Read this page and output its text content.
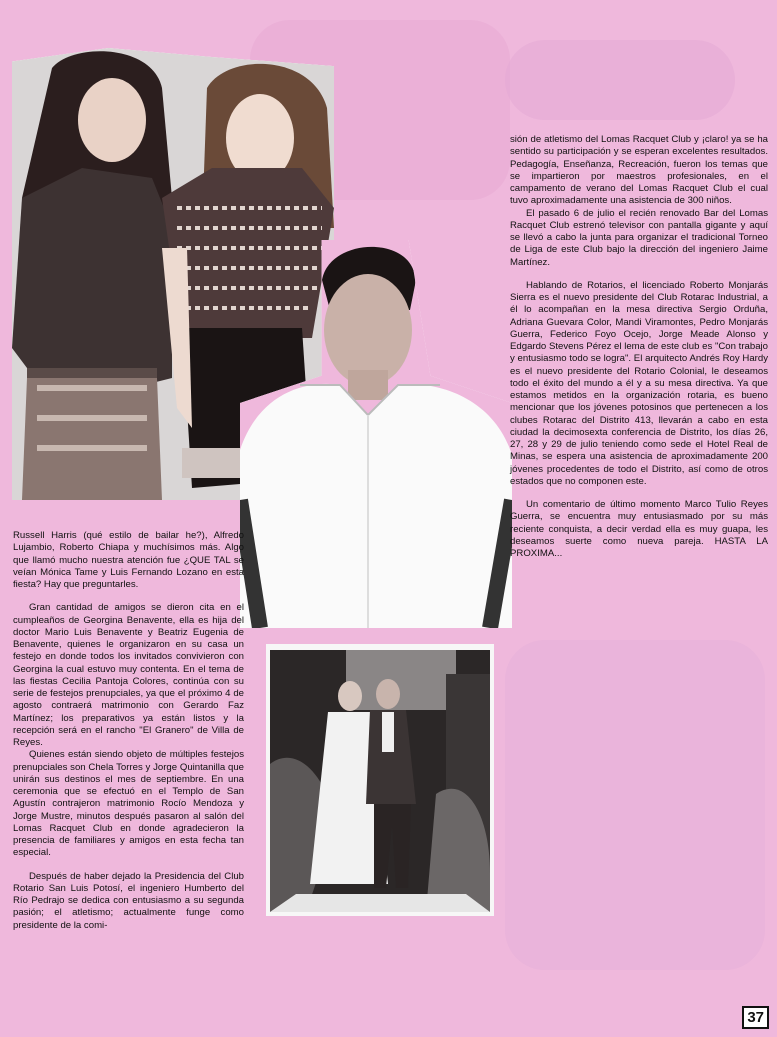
Russell Harris (qué estilo de bailar he?), Alfredo Lujambio, Roberto Chiapa y muchísimos más. Algo que llamó mucho nuestra atención fue ¿QUE TAL se veían Mónica Tame y Luis Fernando Lozano en esta fiesta? Hay que preguntarles.

Gran cantidad de amigos se dieron cita en el cumpleaños de Georgina Benavente, ella es hija del doctor Mario Luis Benavente y Beatriz Eugenia de Benavente, quienes le organizaron en su casa un festejo en donde todos los invitados convivieron con Georgina la cual estuvo muy contenta. En el tema de las fiestas Cecilia Pantoja Colores, continúa con su serie de festejos prenupciales, ya que el próximo 4 de agosto contraerá matrimonio con Gerardo Faz Martínez; los preparativos ya están listos y la recepción será en el rancho "El Granero" de Villa de Reyes.

Quienes están siendo objeto de múltiples festejos prenupciales son Chela Torres y Jorge Quintanilla que unirán sus destinos el mes de septiembre. En una ceremonia que se efectuó en el Templo de San Agustín contrajeron matrimonio Rocío Mendoza y Jorge Mustre, minutos después pasaron al salón del Lomas Racquet Club en donde agradecieron la presencia de familiares y amigos en esta fecha tan especial.

Después de haber dejado la Presidencia del Club Rotario San Luis Potosí, el ingeniero Humberto del Río Pedrajo se dedica con entusiasmo a su segunda pasión; el atletismo; actualmente funge como presidente de la comi-

sión de atletismo del Lomas Racquet Club y ¡claro! ya se ha sentido su participación y se esperan excelentes resultados. Pedagogía, Enseñanza, Recreación, fueron los temas que se impartieron por maestros profesionales, en el campamento de verano del Lomas Racquet Club el cual tuvo aproximadamente una asistencia de 300 niños.

El pasado 6 de julio el recién renovado Bar del Lomas Racquet Club estrenó televisor con pantalla gigante y aquí se llevó a cabo la junta para organizar el tradicional Torneo de Liga de este Club bajo la dirección del ingeniero Jaime Martínez.

Hablando de Rotarios, el licenciado Roberto Monjarás Sierra es el nuevo presidente del Club Rotarac Industrial, a él lo acompañan en la mesa directiva Sergio Orduña, Adriana Guevara Color, Mandi Viramontes, Pedro Monjarás Guerra, Federico Foyo Ocejo, Jorge Meade Alonso y Edgardo Stevens Pérez el lema de este club es "Con trabajo y entusiasmo todo se logra". El arquitecto Andrés Roy Hardy es el nuevo presidente del Rotario Colonial, le deseamos todo el éxito del mundo a él y a su mesa directiva. Ya que estamos metidos en la organización rotaria, es bueno mencionar que los jóvenes potosinos que pertenecen a los clubes Rotarac del Distrito 413, llevarán a cabo en esta ciudad la decimosexta conferencia de Distrito, los días 26, 27, 28 y 29 de julio teniendo como sede el Hotel Real de Minas, se espera una asistencia de aproximadamente 200 jóvenes procedentes de todo el Distrito, así como de otros estados que no componen este.

Un comentario de último momento Marco Tulio Reyes Guerra, se encuentra muy entusiasmado por su más reciente conquista, a decir verdad ella es muy guapa, les deseamos suerte como nueva pareja. HASTA LA PROXIMA...

37
